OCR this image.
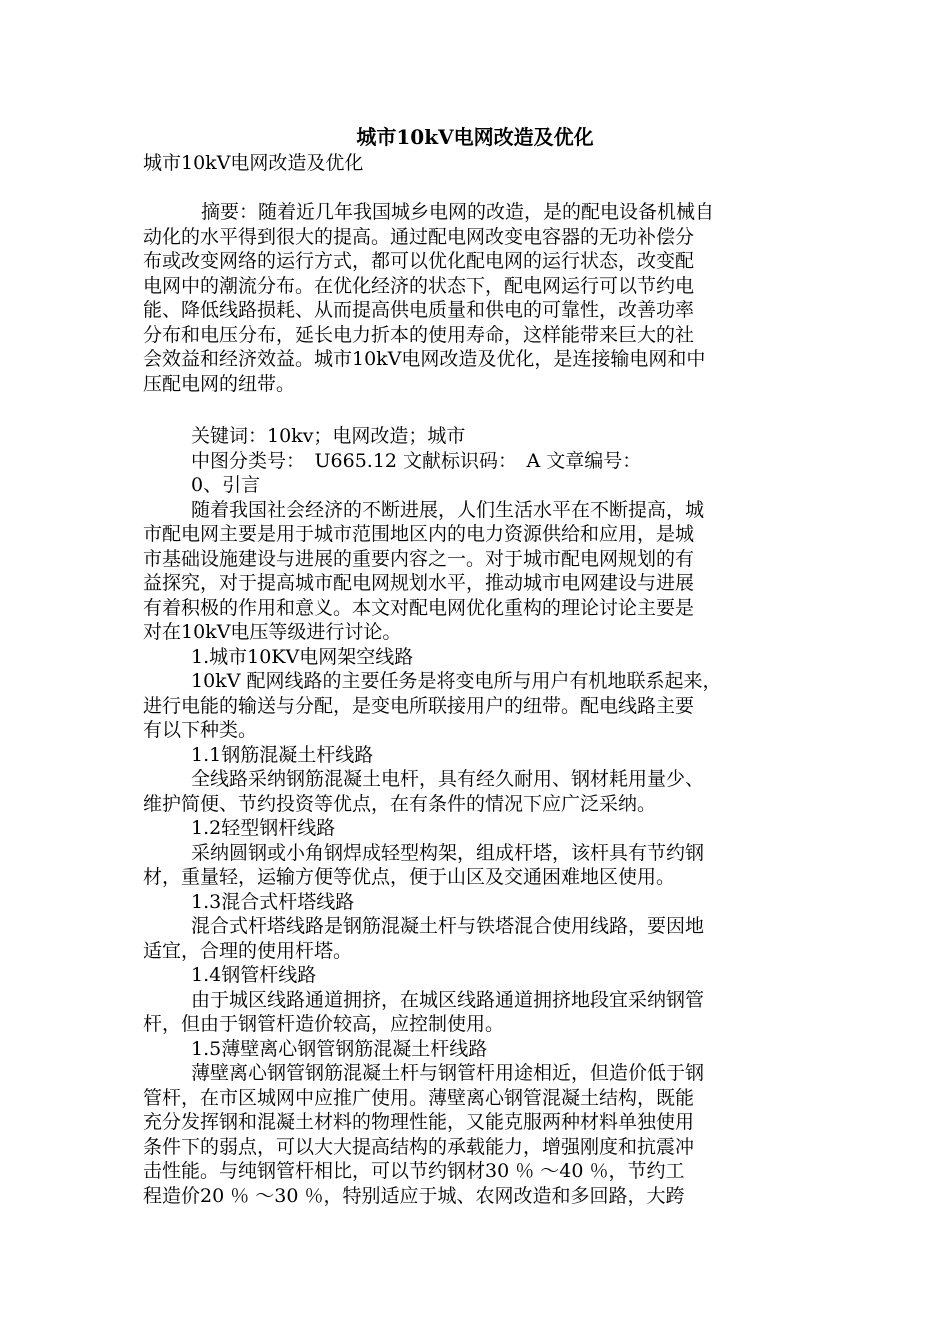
城市10kV电网改造及优化
城市10kV电网改造及优化
摘要：随着近几年我国城乡电网的改造，是的配电设备机械自
动化的水平得到很大的提高。通过配电网改变电容器的无功补偿分
布或改变网络的运行方式，都可以优化配电网的运行状态，改变配
电网中的潮流分布。在优化经济的状态下，配电网运行可以节约电
能、降低线路损耗、从而提高供电质量和供电的可靠性，改善功率
分布和电压分布，延长电力折本的使用寿命，这样能带来巨大的社
会效益和经济效益。城市10kV电网改造及优化，是连接输电网和中
压配电网的纽带。
关键词：10kv；电网改造；城市
中图分类号：　U665.12 文献标识码：　A 文章编号：
0、引言
随着我国社会经济的不断进展，人们生活水平在不断提高，城
市配电网主要是用于城市范围地区内的电力资源供给和应用，是城
市基础设施建设与进展的重要内容之一。对于城市配电网规划的有
益探究，对于提高城市配电网规划水平，推动城市电网建设与进展
有着积极的作用和意义。本文对配电网优化重构的理论讨论主要是
对在10kV电压等级进行讨论。
1.城市10KV电网架空线路
10kV 配网线路的主要任务是将变电所与用户有机地联系起来，
进行电能的输送与分配，是变电所联接用户的纽带。配电线路主要
有以下种类。
1.1钢筋混凝土杆线路
全线路采纳钢筋混凝土电杆，具有经久耐用、钢材耗用量少、
维护简便、节约投资等优点，在有条件的情况下应广泛采纳。
1.2轻型钢杆线路
采纳圆钢或小角钢焊成轻型构架，组成杆塔，该杆具有节约钢
材，重量轻，运输方便等优点，便于山区及交通困难地区使用。
1.3混合式杆塔线路
混合式杆塔线路是钢筋混凝土杆与铁塔混合使用线路，要因地
适宜，合理的使用杆塔。
1.4钢管杆线路
由于城区线路通道拥挤，在城区线路通道拥挤地段宜采纳钢管
杆，但由于钢管杆造价较高，应控制使用。
1.5薄壁离心钢管钢筋混凝土杆线路
薄壁离心钢管钢筋混凝土杆与钢管杆用途相近，但造价低于钢
管杆，在市区城网中应推广使用。薄壁离心钢管混凝土结构，既能
充分发挥钢和混凝土材料的物理性能，又能克服两种材料单独使用
条件下的弱点，可以大大提高结构的承载能力，增强刚度和抗震冲
击性能。与纯钢管杆相比，可以节约钢材30 ％ ～40 ％，节约工
程造价20 ％ ～30 ％，特别适应于城、农网改造和多回路，大跨
